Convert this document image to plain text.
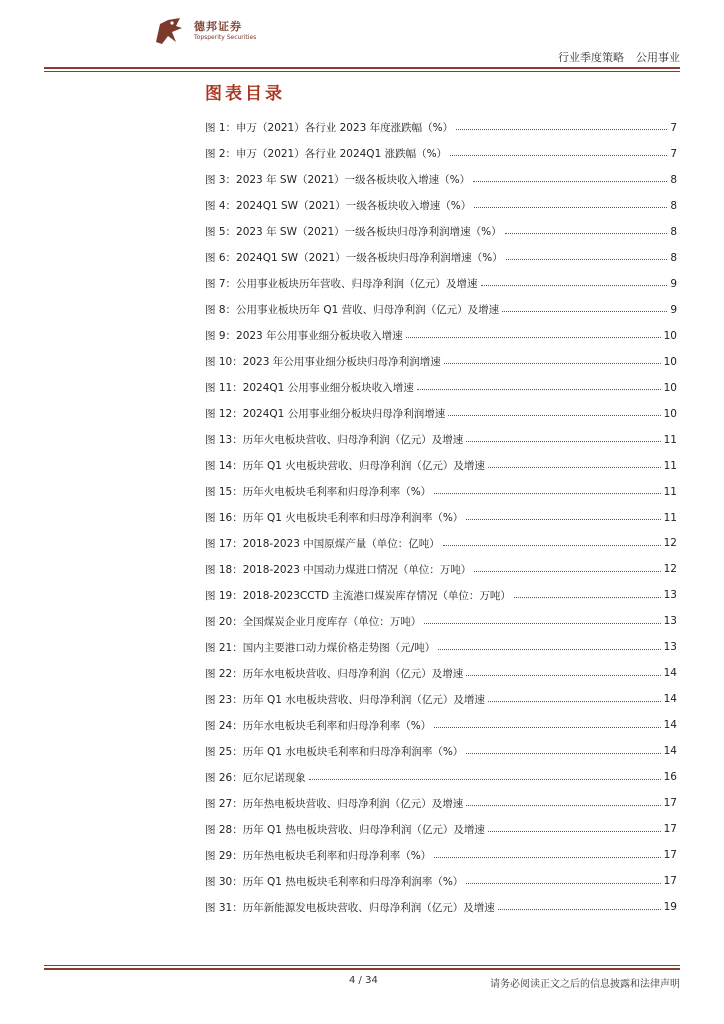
德邦证券
Topsperity Securities
行业季度策略 公用事业
图表目录
图 1：申万（2021）各行业 2023 年度涨跌幅（%）	7
图 2：申万（2021）各行业 2024Q1 涨跌幅（%）	7
图 3：2023 年 SW（2021）一级各板块收入增速（%）	8
图 4：2024Q1 SW（2021）一级各板块收入增速（%）	8
图 5：2023 年 SW（2021）一级各板块归母净利润增速（%）	8
图 6：2024Q1 SW（2021）一级各板块归母净利润增速（%）	8
图 7：公用事业板块历年营收、归母净利润（亿元）及增速	9
图 8：公用事业板块历年 Q1 营收、归母净利润（亿元）及增速	9
图 9：2023 年公用事业细分板块收入增速	10
图 10：2023 年公用事业细分板块归母净利润增速	10
图 11：2024Q1 公用事业细分板块收入增速	10
图 12：2024Q1 公用事业细分板块归母净利润增速	10
图 13：历年火电板块营收、归母净利润（亿元）及增速	11
图 14：历年 Q1 火电板块营收、归母净利润（亿元）及增速	11
图 15：历年火电板块毛利率和归母净利率（%）	11
图 16：历年 Q1 火电板块毛利率和归母净利润率（%）	11
图 17：2018-2023 中国原煤产量（单位：亿吨）	12
图 18：2018-2023 中国动力煤进口情况（单位：万吨）	12
图 19：2018-2023CCTD 主流港口煤炭库存情况（单位：万吨）	13
图 20：全国煤炭企业月度库存（单位：万吨）	13
图 21：国内主要港口动力煤价格走势图（元/吨）	13
图 22：历年水电板块营收、归母净利润（亿元）及增速	14
图 23：历年 Q1 水电板块营收、归母净利润（亿元）及增速	14
图 24：历年水电板块毛利率和归母净利率（%）	14
图 25：历年 Q1 水电板块毛利率和归母净利润率（%）	14
图 26：厄尔尼诺现象	16
图 27：历年热电板块营收、归母净利润（亿元）及增速	17
图 28：历年 Q1 热电板块营收、归母净利润（亿元）及增速	17
图 29：历年热电板块毛利率和归母净利率（%）	17
图 30：历年 Q1 热电板块毛利率和归母净利润率（%）	17
图 31：历年新能源发电板块营收、归母净利润（亿元）及增速	19
4 / 34	请务必阅读正文之后的信息披露和法律声明
